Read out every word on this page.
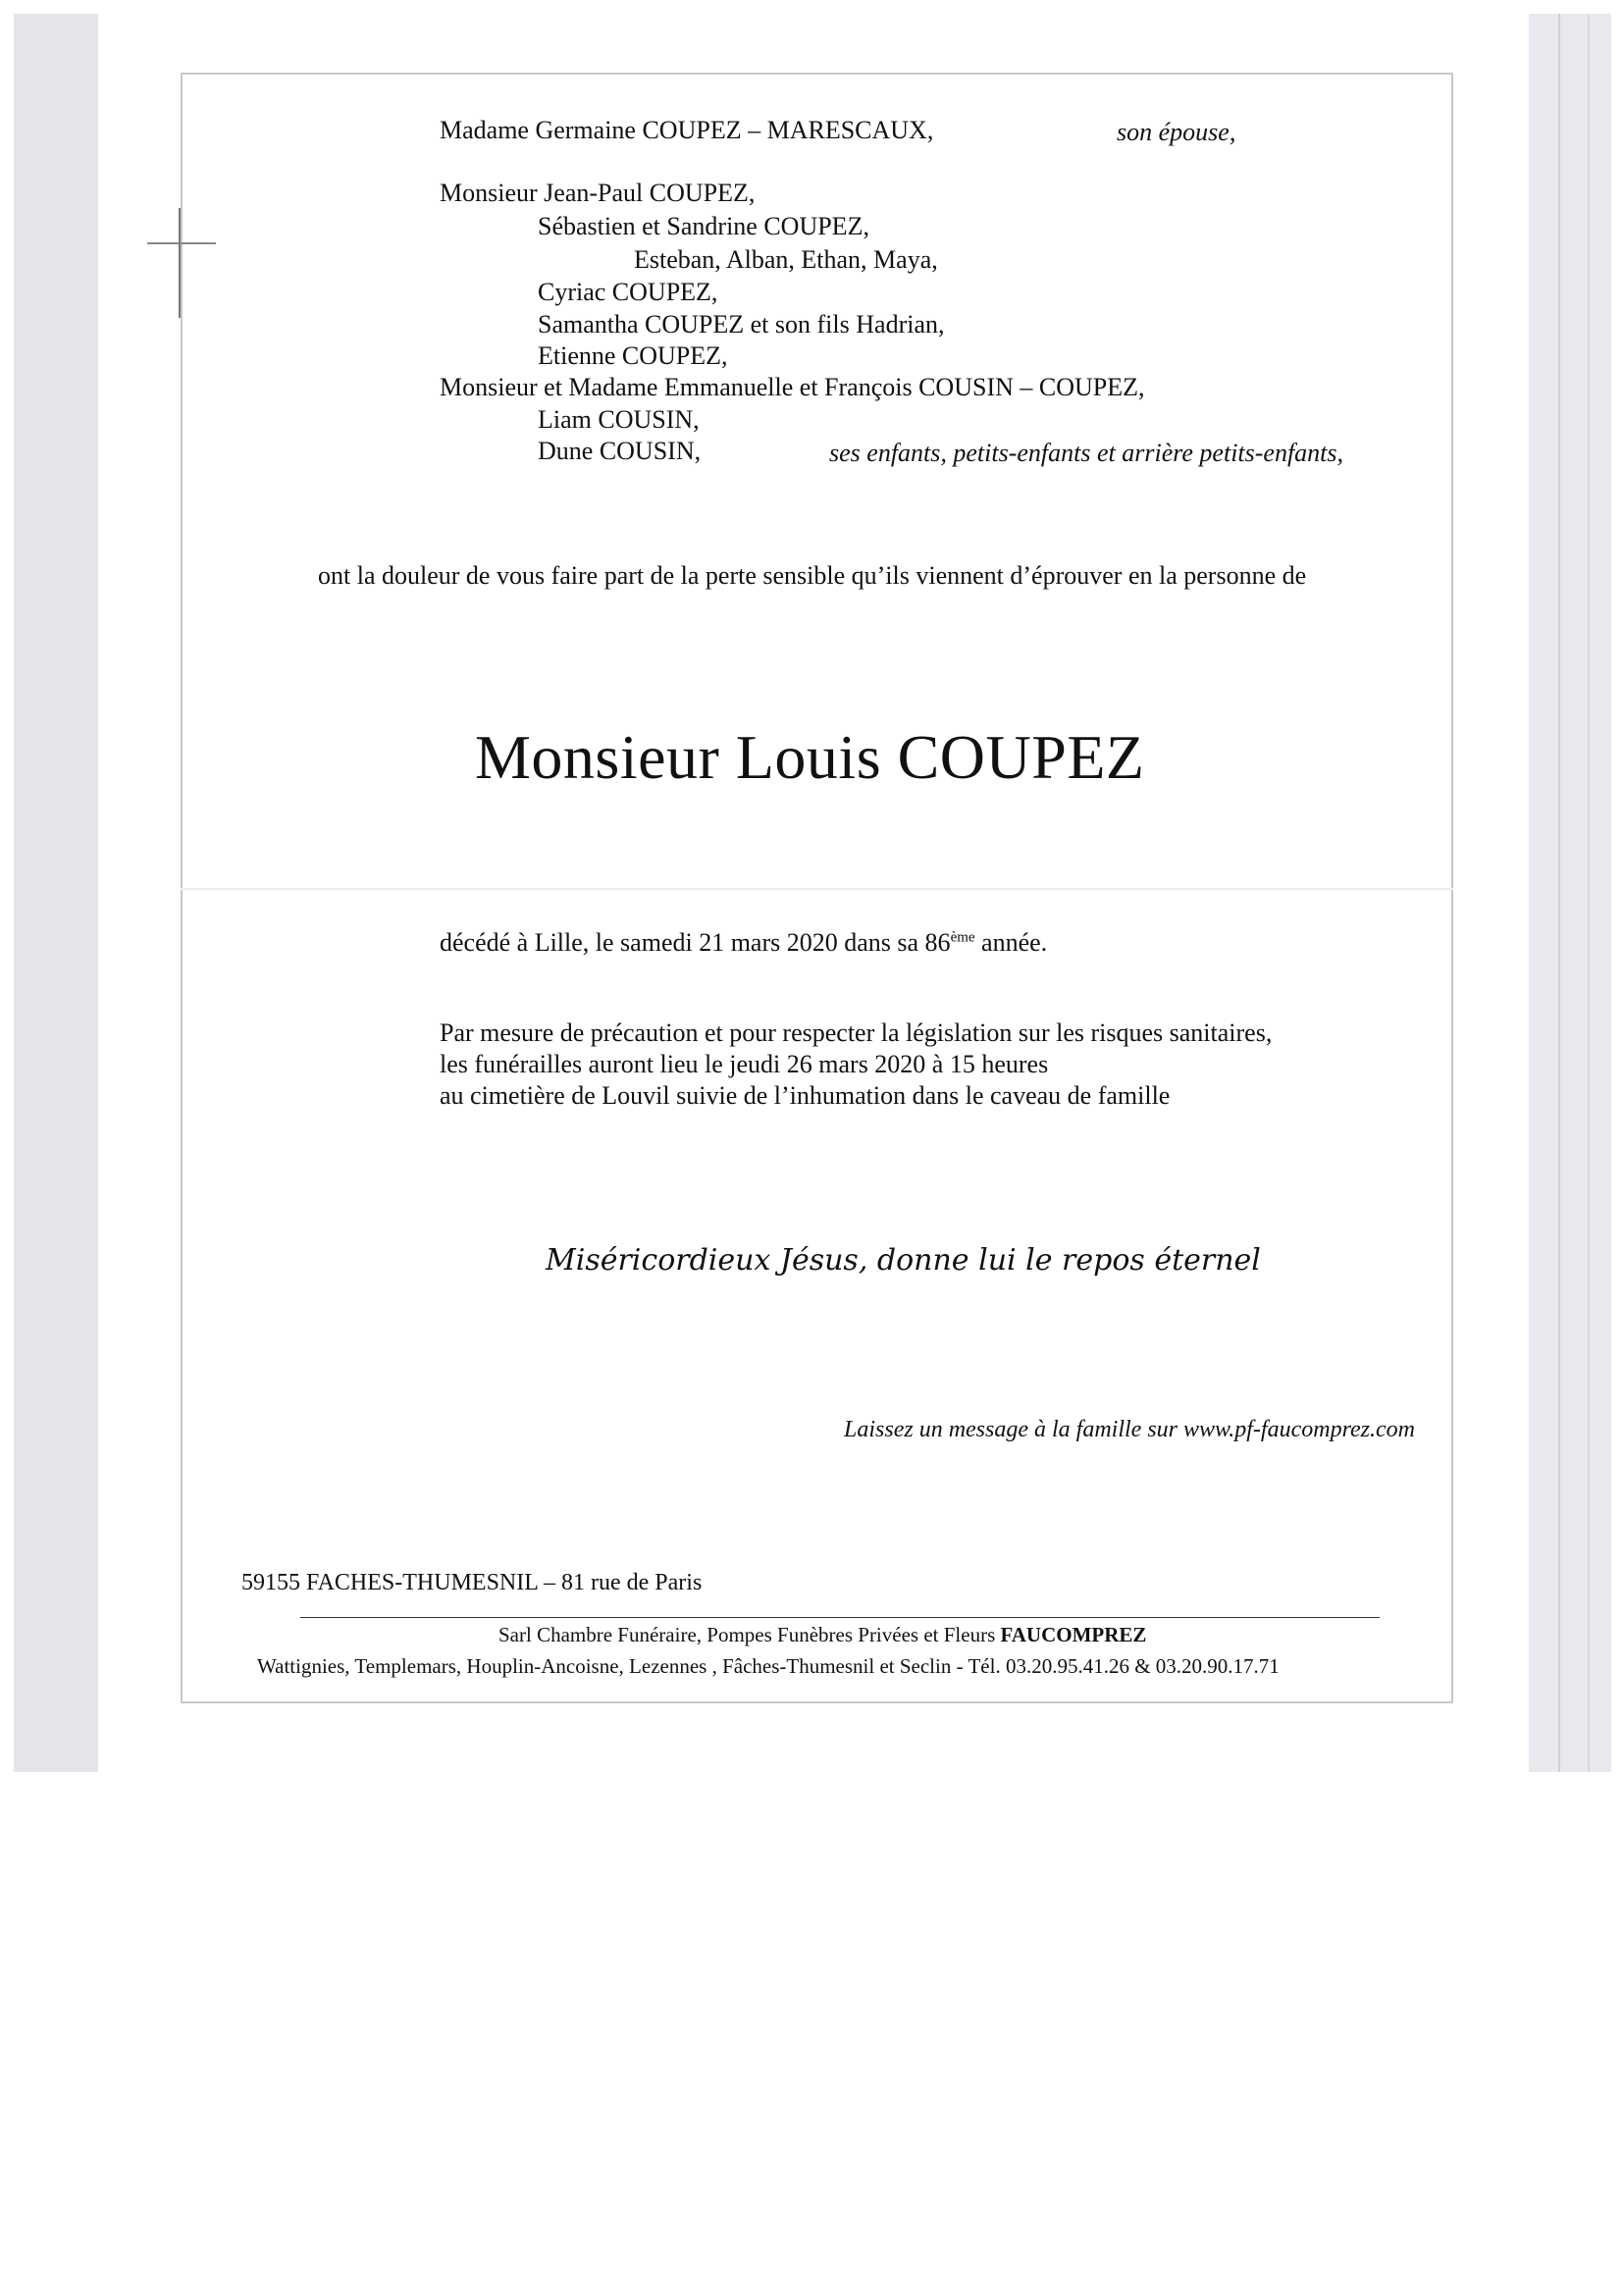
Madame Germaine COUPEZ – MARESCAUX,	son épouse,
Monsieur Jean-Paul COUPEZ,
Sébastien et Sandrine COUPEZ,
Esteban, Alban, Ethan, Maya,
Cyriac COUPEZ,
Samantha COUPEZ et son fils Hadrian,
Etienne COUPEZ,
Monsieur et Madame Emmanuelle et François COUSIN – COUPEZ,
Liam COUSIN,
Dune COUSIN,	ses enfants, petits-enfants et arrière petits-enfants,
ont la douleur de vous faire part de la perte sensible qu’ils viennent d’éprouver en la personne de
Monsieur Louis COUPEZ
décédé à Lille, le samedi 21 mars 2020 dans sa 86ème année.
Par mesure de précaution et pour respecter la législation sur les risques sanitaires,
les funérailles auront lieu le jeudi 26 mars 2020 à 15 heures
au cimetière de Louvil suivie de l’inhumation dans le caveau de famille
Miséricordieux Jésus, donne lui le repos éternel
Laissez un message à la famille sur www.pf-faucomprez.com
59155 FACHES-THUMESNIL – 81 rue de Paris
Sarl Chambre Funéraire, Pompes Funèbres Privées et Fleurs FAUCOMPREZ
Wattignies, Templemars, Houplin-Ancoisne, Lezennes , Fâches-Thumesnil et Seclin - Tél. 03.20.95.41.26 & 03.20.90.17.71
